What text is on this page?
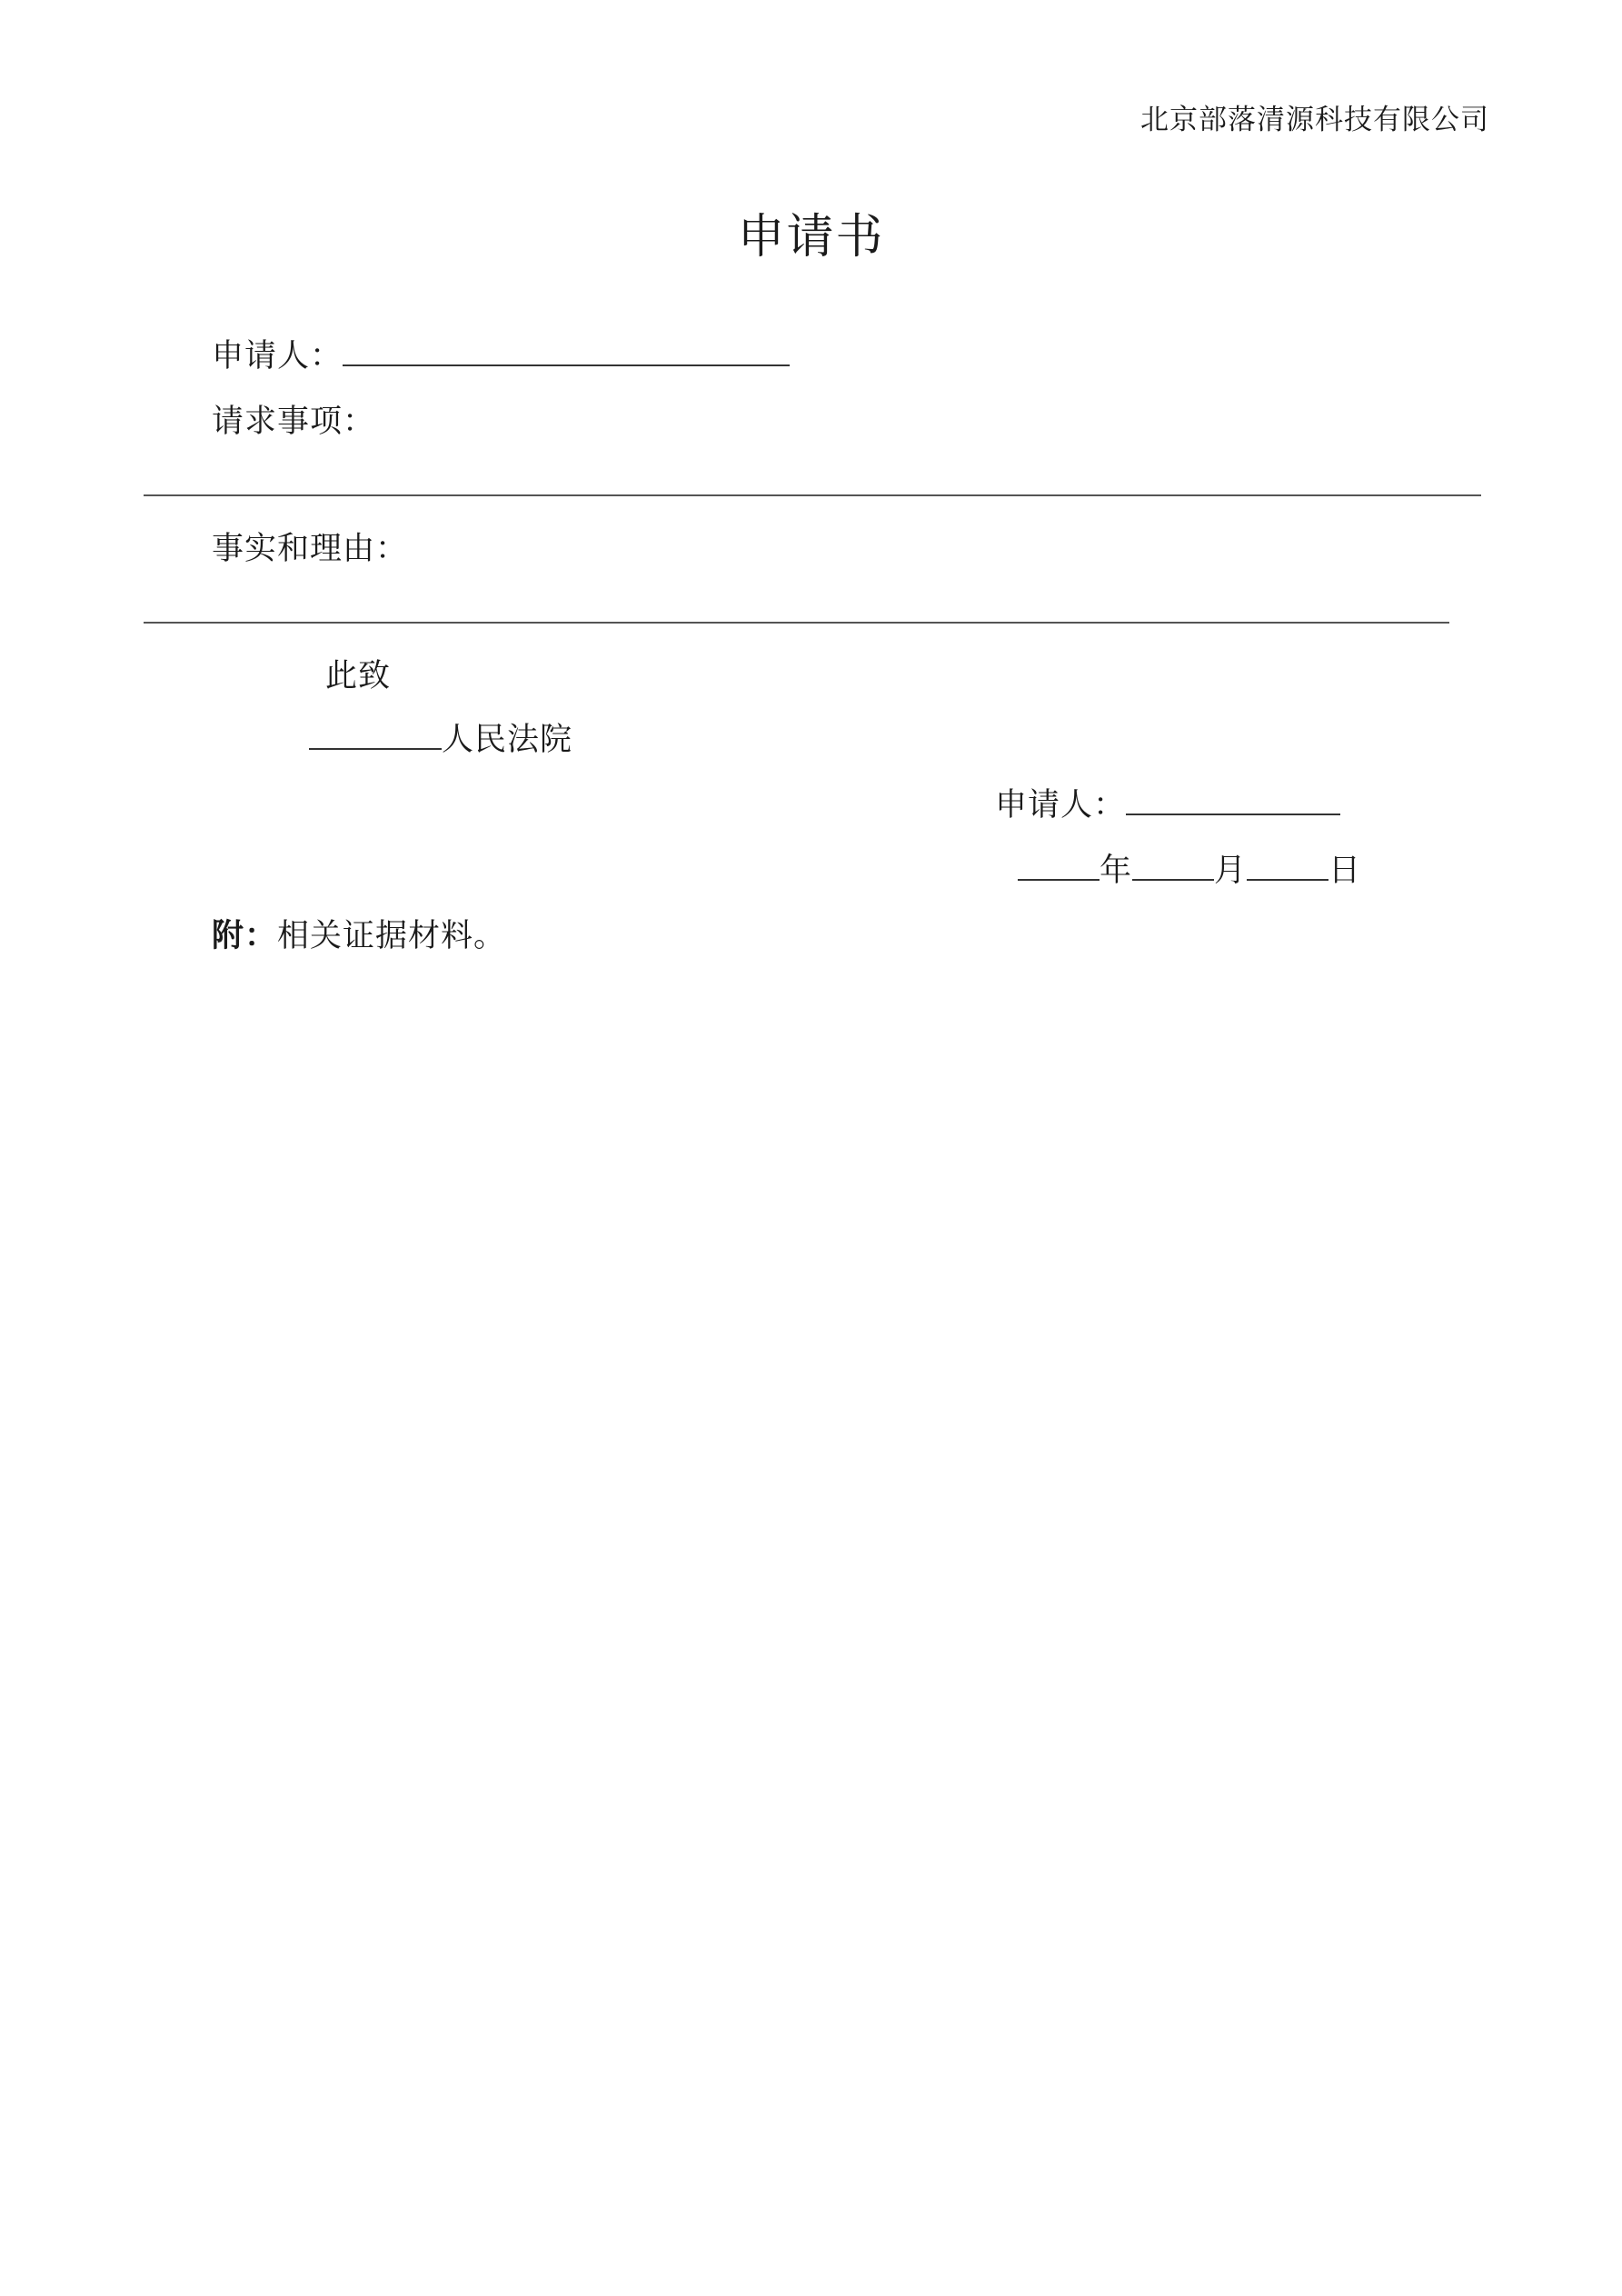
北京部落清源科技有限公司
申请书
申请人：
请求事项：
事实和理由：
此致
人民法院
申请人：
年	月	日
附：相关证据材料。
